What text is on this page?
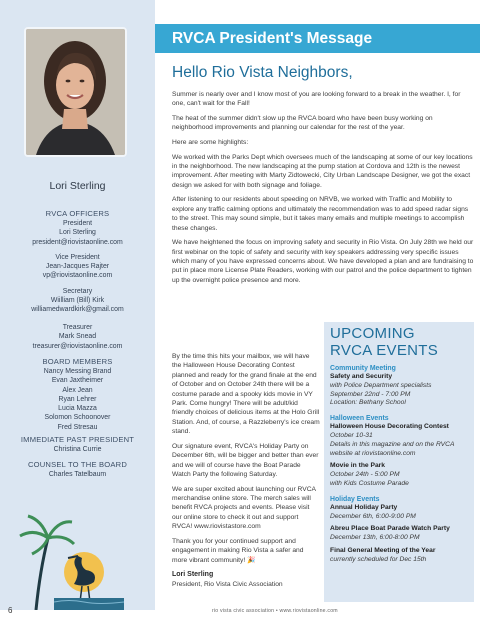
Lori Sterling
RVCA OFFICERS
President
Lori Sterling
president@riovistaonline.com
Vice President
Jean-Jacques Rajter
vp@riovistaonline.com
Secretary
Wiilliam (Bill) Kirk
williamedwardkirk@gmail.com
Treasurer
Mark Snead
treasurer@riovistaonline.com
BOARD MEMBERS
Nancy Messing Brand
Evan Jaxtheimer
Alex Jean
Ryan Lehrer
Lucia Mazza
Solomon Schoonover
Fred Stresau
IMMEDIATE PAST PRESIDENT
Christina Currie
COUNSEL TO THE BOARD
Charles Tatelbaum
6	rio vista civic association • www.riovistaonline.com
RVCA President's Message
Hello Rio Vista Neighbors,

Summer is nearly over and I know most of you are looking forward to a break in the weather. I, for one, can't wait for the Fall!

The heat of the summer didn't slow up the RVCA board who have been busy working on neighborhood improvements and planning our calendar for the rest of the year.

Here are some highlights:

We worked with the Parks Dept which oversees much of the landscaping at some of our key locations in the neighborhood. The new landscaping at the pump station at Cordova and 12th is the newest improvement. After meeting with Marty Zidtowecki, City Urban Landscape Designer, we got the exact design we asked for with both signage and foliage.

After listening to our residents about speeding on NRVB, we worked with Traffic and Mobility to explore any traffic calming options and ultimately the recommendation was to add speed radar signs to the street. This may sound simple, but it takes many emails and multiple meetings to accomplish these changes.

We have heightened the focus on improving safety and security in Rio Vista. On July 28th we held our first webinar on the topic of safety and security with key speakers addressing very specific issues which many of you have expressed concerns about. We have developed a plan and are fundraising to put in place more License Plate Readers, working with our patrol and the police department to tighten up the overnight police presence and more.

By the time this hits your mailbox, we will have the Halloween House Decorating Contest planned and ready for the grand finale at the end of October and on October 24th there will be a costume parade and a spooky kids movie in VY Park. Come hungry! There will be adult/kid friendly choices of delicious items at the Holo Grill Station. And, of course, a Razzleberry's ice cream stand.

Our signature event, RVCA's Holiday Party on December 6th, will be bigger and better than ever and we will of course have the Boat Parade Watch Party the following Saturday.

We are super excited about launching our RVCA merchandise online store. The merch sales will benefit RVCA projects and events. Please visit our online store to check it out and support RVCA! www.riovistastore.com

Thank you for your continued support and engagement in making Rio Vista a safer and more vibrant community! 🎉

Lori Sterling
President, Rio Vista Civic Association
UPCOMING
RVCA EVENTS
Community Meeting
Safety and Security
with Police Department specialists
September 22nd - 7:00 PM
Location: Bethany School
Halloween Events
Halloween House Decorating Contest
October 10-31
Details in this magazine and on the RVCA website at riovistaonline.com
Movie in the Park
October 24th - 5:00 PM
with Kids Costume Parade
Holiday Events
Annual Holiday Party
December 6th, 6:00-9:00 PM
Abreu Place Boat Parade Watch Party
December 13th, 6:00-8:00 PM
Final General Meeting of the Year
currently scheduled for Dec 15th
